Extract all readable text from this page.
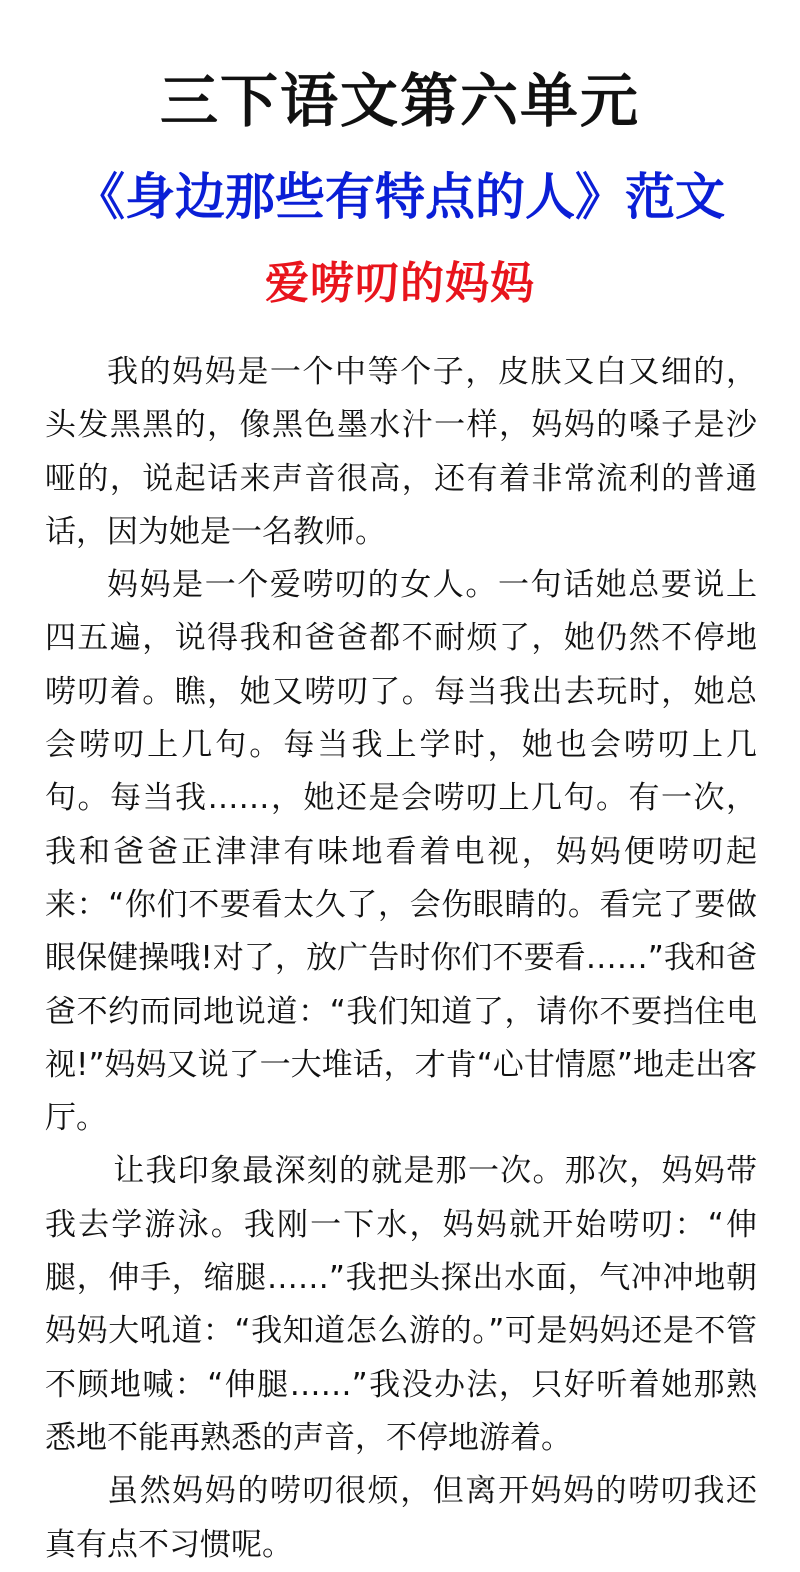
三下语文第六单元
《身边那些有特点的人》范文
爱唠叨的妈妈

我的妈妈是一个中等个子，皮肤又白又细的，头发黑黑的，像黑色墨水汁一样，妈妈的嗓子是沙哑的，说起话来声音很高，还有着非常流利的普通话，因为她是一名教师。

妈妈是一个爱唠叨的女人。一句话她总要说上四五遍，说得我和爸爸都不耐烦了，她仍然不停地唠叨着。瞧，她又唠叨了。每当我出去玩时，她总会唠叨上几句。每当我上学时，她也会唠叨上几句。每当我……，她还是会唠叨上几句。有一次，我和爸爸正津津有味地看着电视，妈妈便唠叨起来：“你们不要看太久了，会伤眼睛的。看完了要做眼保健操哦!对了，放广告时你们不要看……”我和爸爸不约而同地说道：“我们知道了，请你不要挡住电视!”妈妈又说了一大堆话，才肯“心甘情愿”地走出客厅。

让我印象最深刻的就是那一次。那次，妈妈带我去学游泳。我刚一下水，妈妈就开始唠叨：“伸腿，伸手，缩腿……”我把头探出水面，气冲冲地朝妈妈大吼道：“我知道怎么游的。”可是妈妈还是不管不顾地喊：“伸腿……”我没办法，只好听着她那熟悉地不能再熟悉的声音，不停地游着。

虽然妈妈的唠叨很烦，但离开妈妈的唠叨我还真有点不习惯呢。
